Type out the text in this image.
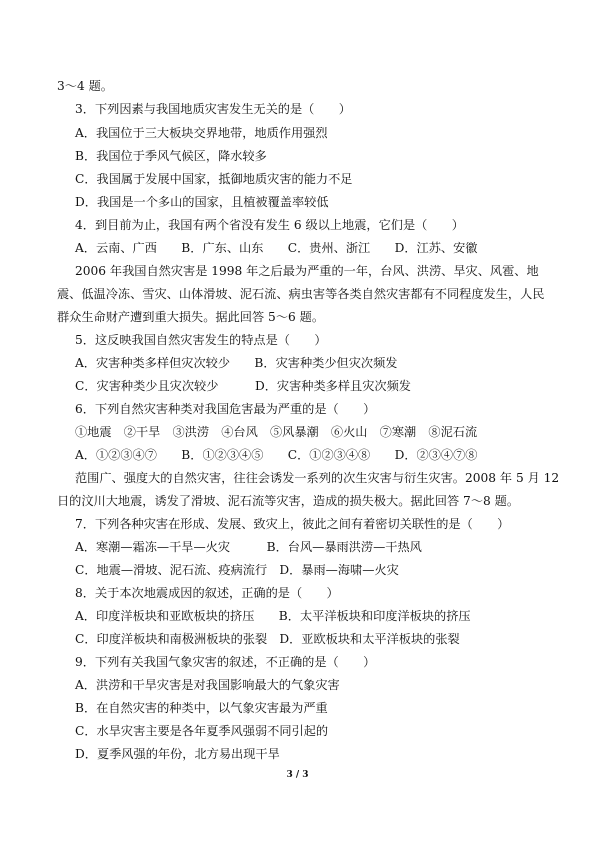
3～4 题。
3．下列因素与我国地质灾害发生无关的是（　　）
A．我国位于三大板块交界地带，地质作用强烈
B．我国位于季风气候区，降水较多
C．我国属于发展中国家，抵御地质灾害的能力不足
D．我国是一个多山的国家，且植被覆盖率较低
4．到目前为止，我国有两个省没有发生 6 级以上地震，它们是（　　）
A．云南、广西　　B．广东、山东　　C．贵州、浙江　　D．江苏、安徽
2006 年我国自然灾害是 1998 年之后最为严重的一年，台风、洪涝、旱灾、风雹、地
震、低温冷冻、雪灾、山体滑坡、泥石流、病虫害等各类自然灾害都有不同程度发生，人民
群众生命财产遭到重大损失。据此回答 5～6 题。
5．这反映我国自然灾害发生的特点是（　　）
A．灾害种类多样但灾次较少　　B．灾害种类少但灾次频发
C．灾害种类少且灾次较少　　　D．灾害种类多样且灾次频发
6．下列自然灾害种类对我国危害最为严重的是（　　）
①地震　②干旱　③洪涝　④台风　⑤风暴潮　⑥火山　⑦寒潮　⑧泥石流
A．①②③④⑦　　B．①②③④⑤　　C．①②③④⑧　　D．②③④⑦⑧
范围广、强度大的自然灾害，往往会诱发一系列的次生灾害与衍生灾害。2008 年 5 月 12
日的汶川大地震，诱发了滑坡、泥石流等灾害，造成的损失极大。据此回答 7～8 题。
7．下列各种灾害在形成、发展、致灾上，彼此之间有着密切关联性的是（　　）
A．寒潮—霜冻—干旱—火灾　　　B．台风—暴雨洪涝—干热风
C．地震—滑坡、泥石流、疫病流行　D．暴雨—海啸—火灾
8．关于本次地震成因的叙述，正确的是（　　）
A．印度洋板块和亚欧板块的挤压　　B．太平洋板块和印度洋板块的挤压
C．印度洋板块和南极洲板块的张裂　D．亚欧板块和太平洋板块的张裂
9．下列有关我国气象灾害的叙述，不正确的是（　　）
A．洪涝和干旱灾害是对我国影响最大的气象灾害
B．在自然灾害的种类中，以气象灾害最为严重
C．水旱灾害主要是各年夏季风强弱不同引起的
D．夏季风强的年份，北方易出现干旱
3 / 3
